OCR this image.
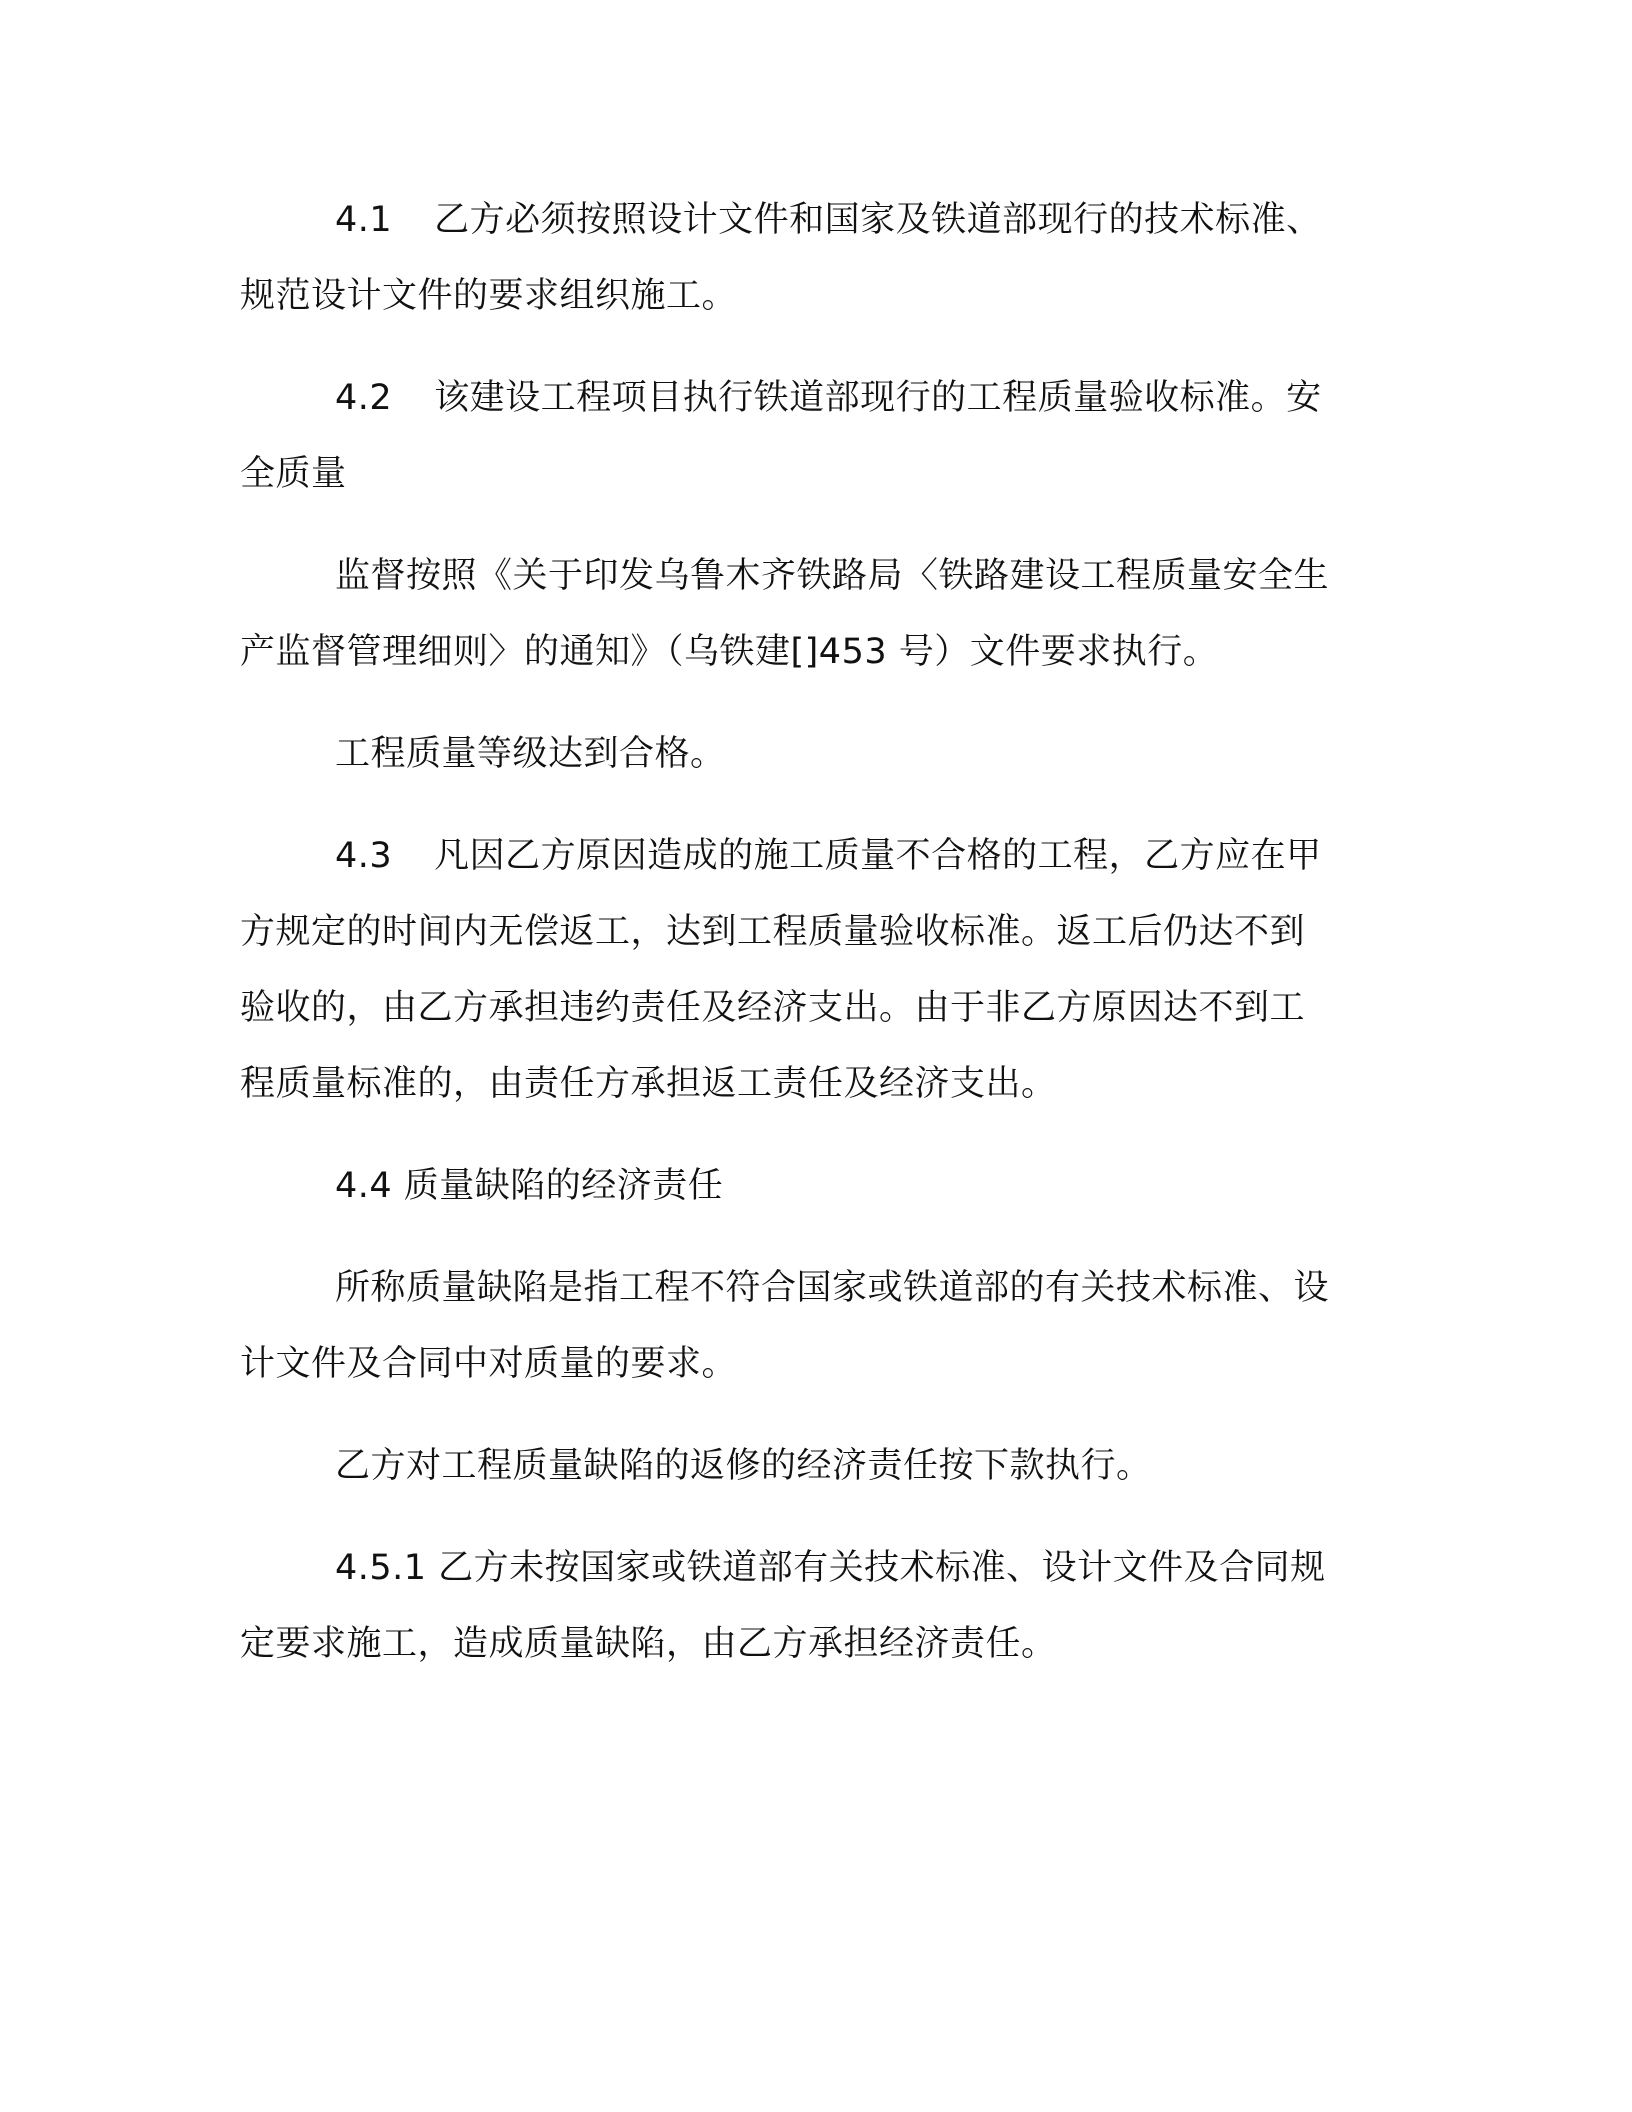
4.1 乙方必须按照设计文件和国家及铁道部现行的技术标准、
规范设计文件的要求组织施工。
4.2 该建设工程项目执行铁道部现行的工程质量验收标准。安
全质量
监督按照《关于印发乌鲁木齐铁路局〈铁路建设工程质量安全生
产监督管理细则〉的通知》（乌铁建[]453 号）文件要求执行。
工程质量等级达到合格。
4.3 凡因乙方原因造成的施工质量不合格的工程，乙方应在甲
方规定的时间内无偿返工，达到工程质量验收标准。返工后仍达不到
验收的，由乙方承担违约责任及经济支出。由于非乙方原因达不到工
程质量标准的，由责任方承担返工责任及经济支出。
4.4 质量缺陷的经济责任
所称质量缺陷是指工程不符合国家或铁道部的有关技术标准、设
计文件及合同中对质量的要求。
乙方对工程质量缺陷的返修的经济责任按下款执行。
4.5.1 乙方未按国家或铁道部有关技术标准、设计文件及合同规
定要求施工，造成质量缺陷，由乙方承担经济责任。
